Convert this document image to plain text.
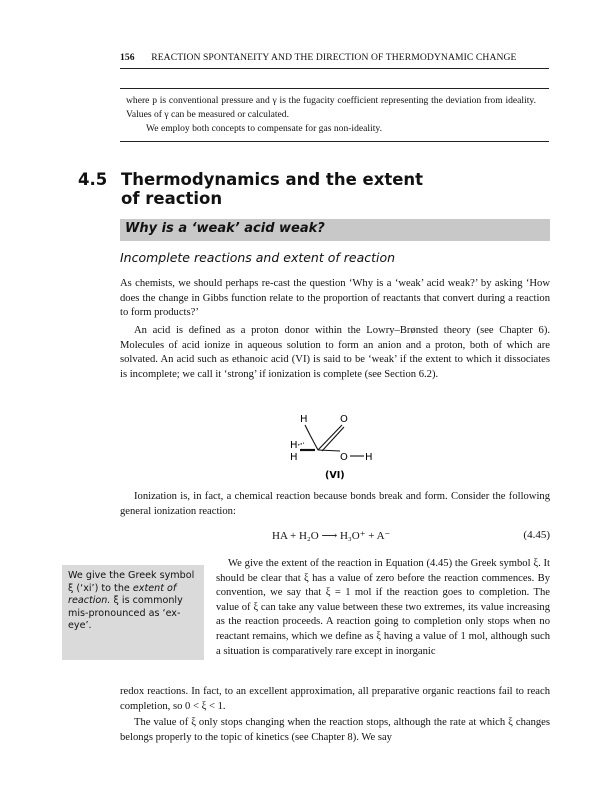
156 REACTION SPONTANEITY AND THE DIRECTION OF THERMODYNAMIC CHANGE

where p is conventional pressure and γ is the fugacity coefficient representing the deviation from ideality. Values of γ can be measured or calculated.

We employ both concepts to compensate for gas non-ideality.

4.5 Thermodynamics and the extent
of reaction
Why is a ‘weak’ acid weak?
Incomplete reactions and extent of reaction

As chemists, we should perhaps re-cast the question ‘Why is a ‘weak’ acid weak?’ by asking ‘How does the change in Gibbs function relate to the proportion of reactants that convert during a reaction to form products?’

An acid is defined as a proton donor within the Lowry–Brønsted theory (see Chapter 6). Molecules of acid ionize in aqueous solution to form an anion and a proton, both of which are solvated. An acid such as ethanoic acid (VI) is said to be ‘weak’ if the extent to which it dissociates is incomplete; we call it ‘strong’ if ionization is complete (see Section 6.2).

H	O
H
H	O H
(VI)

Ionization is, in fact, a chemical reaction because bonds break and form. Consider the following general ionization reaction:

HA + H₂O ⟶ H₃O⁺ + A⁻	(4.45)
We give the Greek symbol ξ (‘xi’) to the extent of reaction. ξ is commonly mis-pronounced as ‘ex-eye’.

We give the extent of the reaction in Equation (4.45) the Greek symbol ξ. It should be clear that ξ has a value of zero before the reaction commences. By convention, we say that ξ = 1 mol if the reaction goes to completion. The value of ξ can take any value between these two extremes, its value increasing as the reaction proceeds. A reaction going to completion only stops when no reactant remains, which we define as ξ having a value of 1 mol, although such a situation is comparatively rare except in inorganic

redox reactions. In fact, to an excellent approximation, all preparative organic reactions fail to reach completion, so 0 < ξ < 1.

The value of ξ only stops changing when the reaction stops, although the rate at which ξ changes belongs properly to the topic of kinetics (see Chapter 8). We say
